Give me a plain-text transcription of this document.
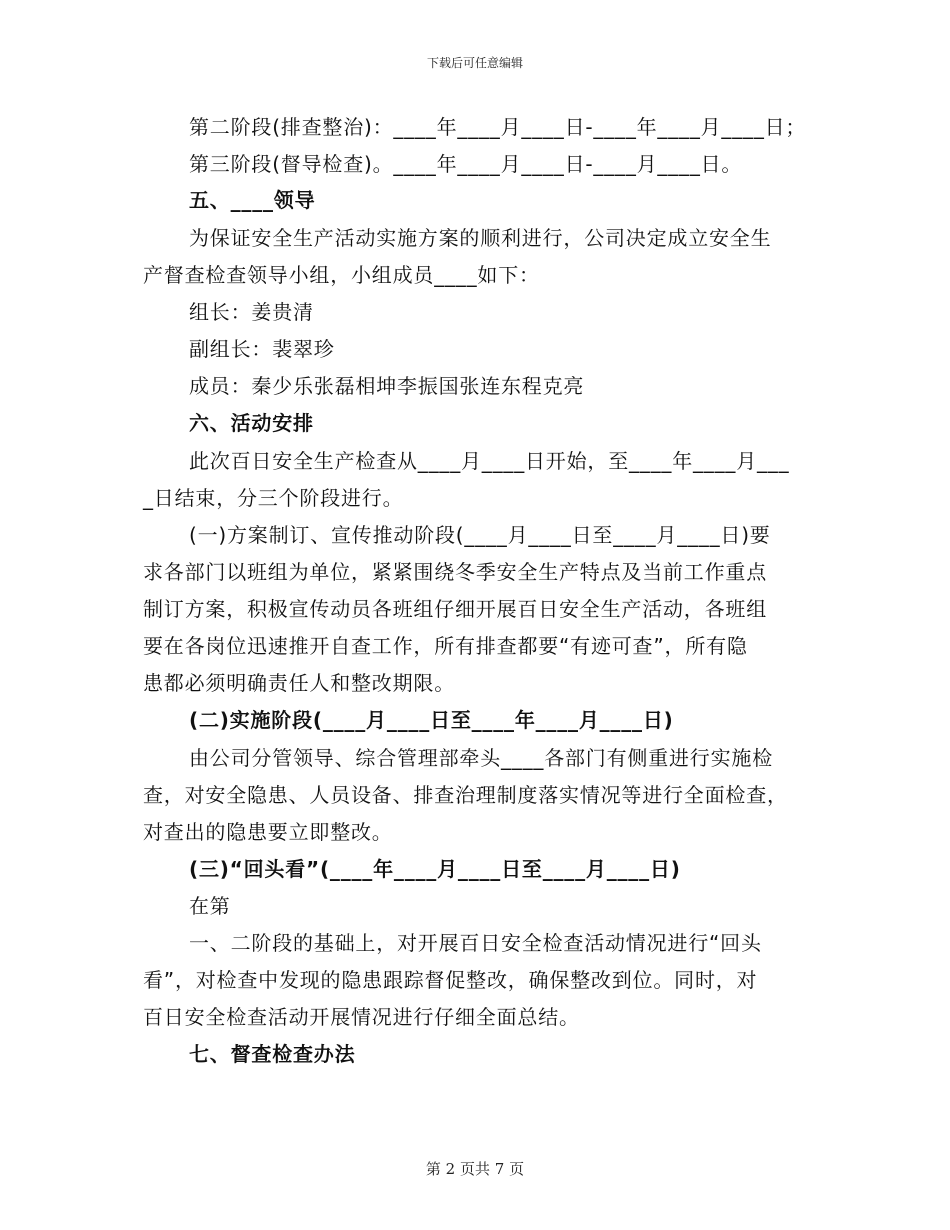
下载后可任意编辑
第二阶段(排查整治)：____年____月____日-____年____月____日；
第三阶段(督导检查)。____年____月____日-____月____日。
五、____领导
为保证安全生产活动实施方案的顺利进行，公司决定成立安全生
产督查检查领导小组，小组成员____如下：
组长：姜贵清
副组长：裴翠珍
成员：秦少乐张磊相坤李振国张连东程克亮
六、活动安排
此次百日安全生产检查从____月____日开始，至____年____月___
_日结束，分三个阶段进行。
(一)方案制订、宣传推动阶段(____月____日至____月____日)要
求各部门以班组为单位，紧紧围绕冬季安全生产特点及当前工作重点
制订方案，积极宣传动员各班组仔细开展百日安全生产活动，各班组
要在各岗位迅速推开自查工作，所有排查都要“有迹可查”，所有隐
患都必须明确责任人和整改期限。
(二)实施阶段(____月____日至____年____月____日)
由公司分管领导、综合管理部牵头____各部门有侧重进行实施检
查，对安全隐患、人员设备、排查治理制度落实情况等进行全面检查，
对查出的隐患要立即整改。
(三)“回头看”(____年____月____日至____月____日)
在第
一、二阶段的基础上，对开展百日安全检查活动情况进行“回头
看”，对检查中发现的隐患跟踪督促整改，确保整改到位。同时，对
百日安全检查活动开展情况进行仔细全面总结。
七、督查检查办法
第 2 页共 7 页
